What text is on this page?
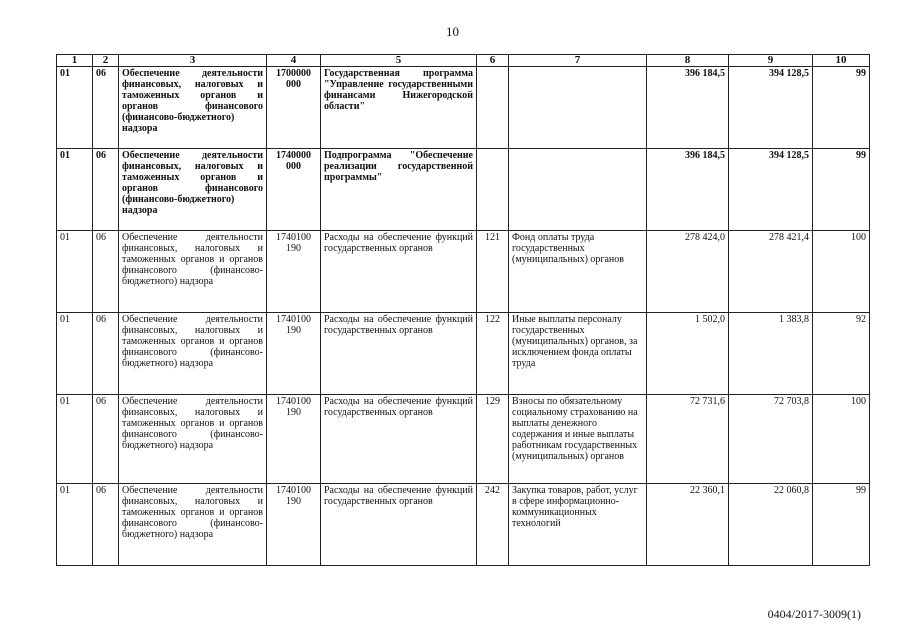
10
1	2	3	4	5	6	7	8	9	10
01	06	Обеспечение деятельности финансовых, налоговых и таможенных органов и органов финансового (финансово-бюджетного) надзора	1700000 000	Государственная программа "Управление государственными финансами Нижегородской области"			396 184,5	394 128,5	99
01	06	Обеспечение деятельности финансовых, налоговых и таможенных органов и органов финансового (финансово-бюджетного) надзора	1740000 000	Подпрограмма "Обеспечение реализации государственной программы"			396 184,5	394 128,5	99
01	06	Обеспечение деятельности финансовых, налоговых и таможенных органов и органов финансового (финансово-бюджетного) надзора	1740100 190	Расходы на обеспечение функций государственных органов	121	Фонд оплаты труда государственных (муниципальных) органов	278 424,0	278 421,4	100
01	06	Обеспечение деятельности финансовых, налоговых и таможенных органов и органов финансового (финансово-бюджетного) надзора	1740100 190	Расходы на обеспечение функций государственных органов	122	Иные выплаты персоналу государственных (муниципальных) органов, за исключением фонда оплаты труда	1 502,0	1 383,8	92
01	06	Обеспечение деятельности финансовых, налоговых и таможенных органов и органов финансового (финансово-бюджетного) надзора	1740100 190	Расходы на обеспечение функций государственных органов	129	Взносы по обязательному социальному страхованию на выплаты денежного содержания и иные выплаты работникам государственных (муниципальных) органов	72 731,6	72 703,8	100
01	06	Обеспечение деятельности финансовых, налоговых и таможенных органов и органов финансового (финансово-бюджетного) надзора	1740100 190	Расходы на обеспечение функций государственных органов	242	Закупка товаров, работ, услуг в сфере информационно-коммуникационных технологий	22 360,1	22 060,8	99
0404/2017-3009(1)
